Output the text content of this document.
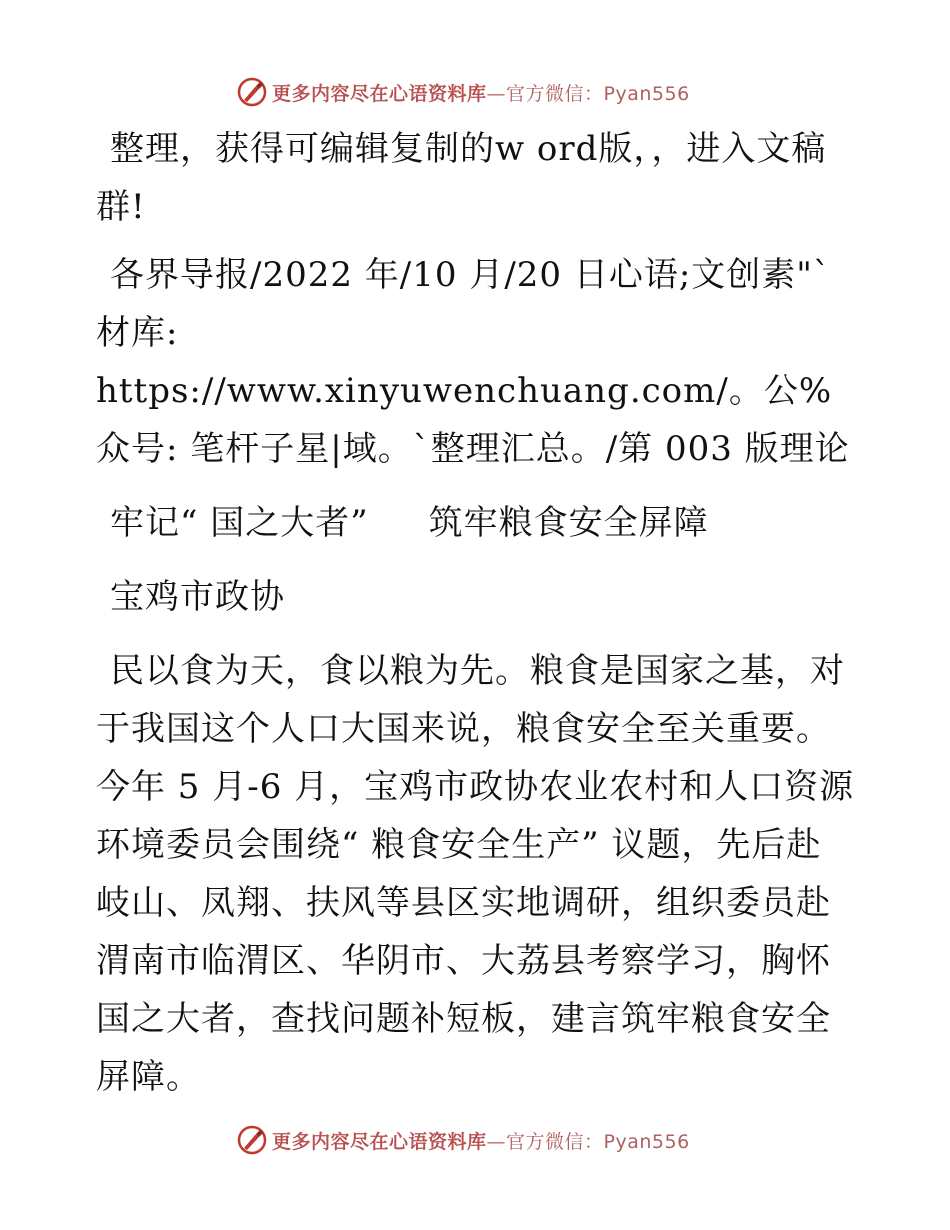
更多内容尽在心语资料库—官方微信：Pyan556

整理，获得可编辑复制的w ord版，，进入文稿群!

各界导报/2022 年/10 月/20 日心语;文创素"`材库: https://www.xinyuwenchuang.com/。公%众号: 笔杆子星|域。`整理汇总。/第 003 版理论

牢记“ 国之大者” 筑牢粮食安全屏障

宝鸡市政协

民以食为天，食以粮为先。粮食是国家之基，对于我国这个人口大国来说，粮食安全至关重要。今年 5 月-6 月，宝鸡市政协农业农村和人口资源环境委员会围绕“ 粮食安全生产” 议题，先后赴岐山、凤翔、扶风等县区实地调研，组织委员赴渭南市临渭区、华阴市、大荔县考察学习，胸怀国之大者，查找问题补短板，建言筑牢粮食安全屏障。

更多内容尽在心语资料库—官方微信：Pyan556
